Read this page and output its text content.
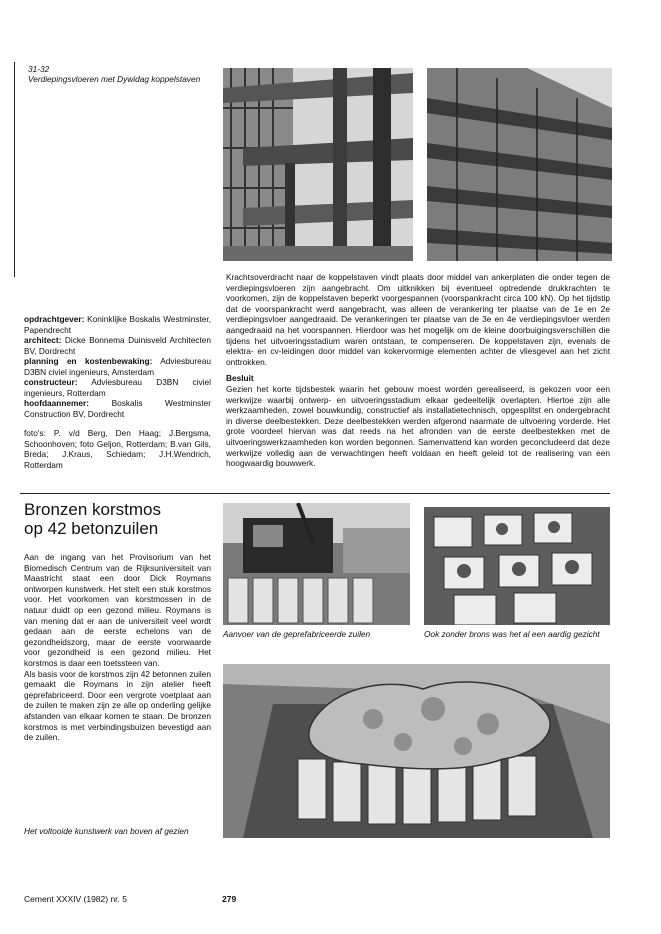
31-32
Verdiepingsvloeren met Dywidag koppelstaven

opdrachtgever: Koninklijke Boskalis Westminster, Papendrecht

architect: Dicke Bonnema Duinisveld Architecten BV, Dordrecht

planning en kostenbewaking: Adviesbureau D3BN civiel ingenieurs, Amsterdam

constructeur: Adviesbureau D3BN civiel ingenieurs, Rotterdam

hoofdaannemer:	Boskalis Westminster Construction BV, Dordrecht

foto's: P. v/d Berg, Den Haag; J.Bergsma, Schoonhoven; foto Geljon, Rotterdam; B.van Gils, Breda; J.Kraus, Schiedam; J.H.Wendrich, Rotterdam

Krachtsoverdracht naar de koppelstaven vindt plaats door middel van ankerplaten die onder tegen de verdiepingsvloeren zijn aangebracht. Om uitknikken bij eventueel optredende drukkrachten te voorkomen, zijn de koppelstaven beperkt voorgespannen (voorspankracht circa 100 kN). Op het tijdstip dat de voorspankracht werd aangebracht, was alleen de verankering ter plaatse van de 1e en 2e verdiepingsvloer aangedraaid. De verankeringen ter plaatse van de 3e en 4e verdiepingsvloer werden aangedraaid na het voorspannen. Hierdoor was het mogelijk om de kleine doorbuigingsverschillen die tijdens het uitvoeringsstadium waren ontstaan, te compenseren. De koppelstaven zijn, evenals de elektra- en cv-leidingen door middel van kokervormige elementen achter de vliesgevel aan het zicht onttrokken.

Besluit

Gezien het korte tijdsbestek waarin het gebouw moest worden gerealiseerd, is gekozen voor een werkwijze waarbij ontwerp- en uitvoeringsstadium elkaar gedeeltelijk overlapten. Hiertoe zijn alle werkzaamheden, zowel bouwkundig, constructief als installatietechnisch, opgesplitst en ondergebracht in diverse deelbestekken. Deze deelbestekken werden afgerond naarmate de uitvoering vorderde. Het grote voordeel hiervan was dat reeds na het afronden van de eerste deelbestekken met de uitvoeringswerkzaamheden kon worden begonnen. Samenvattend kan worden geconcludeerd dat deze werkwijze volledig aan de verwachtingen heeft voldaan en heeft geleid tot de realisering van een hoogwaardig bouwwerk.

Bronzen korstmos
op 42 betonzuilen

Aan de ingang van het Provisorium van het Biomedisch Centrum van de Rijksuniversiteit van Maastricht staat een door Dick Roymans ontworpen kunstwerk. Het stelt een stuk korstmos voor. Het voorkomen van korstmossen in de natuur duidt op een gezond milieu. Roymans is van mening dat er aan de universiteit veel wordt gedaan aan de eerste echelons van de gezondheidszorg, maar de eerste voorwaarde voor gezondheid is een gezond milieu. Het korstmos is daar een toetssteen van.

Als basis voor de korstmos zijn 42 betonnen zuilen gemaakt die Roymans in zijn atelier heeft geprefabriceerd. Door een vergrote voetplaat aan de zuilen te maken zijn ze alle op onderling gelijke afstanden van elkaar komen te staan. De bronzen korstmos is met verbindingsbuizen bevestigd aan de zuilen.

Aanvoer van de geprefabriceerde zuilen	Ook zonder brons was het al een aardig gezicht
Het voltooide kunstwerk van boven af gezien
Cement XXXIV (1982) nr. 5	279
